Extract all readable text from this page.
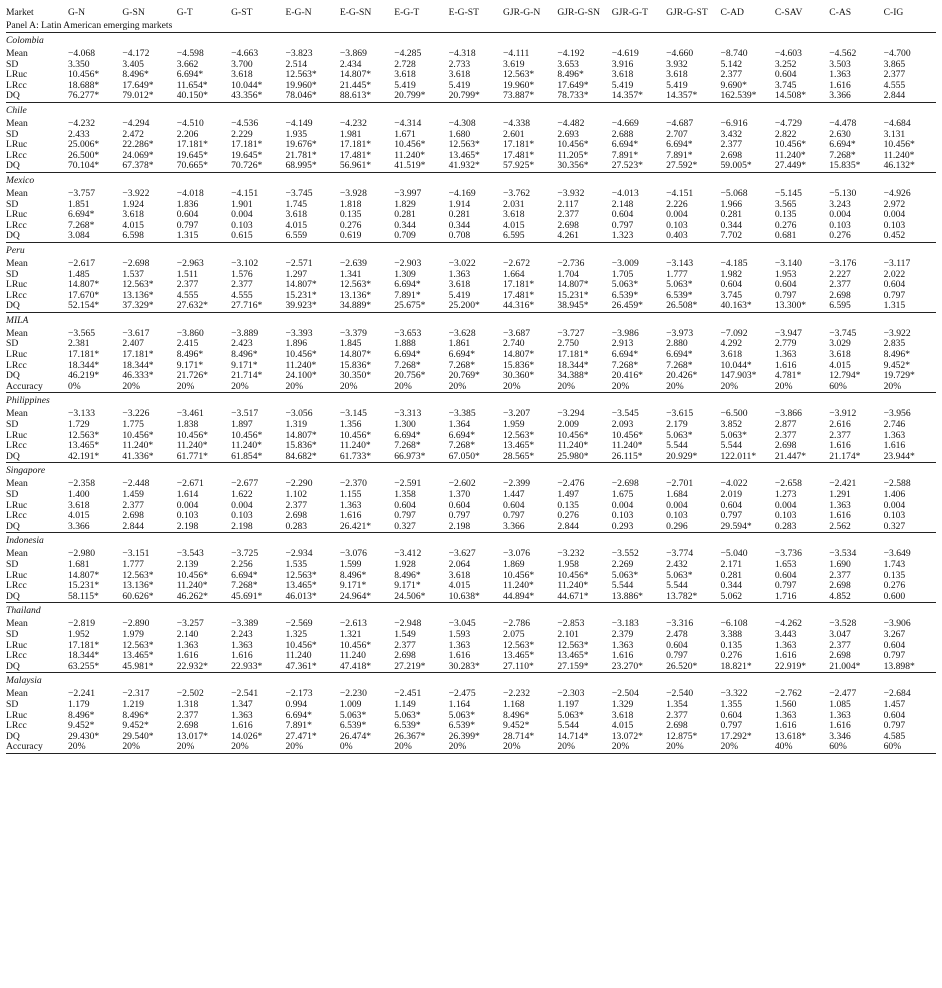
Market	G-N	G-SN	G-T	G-ST	E-G-N	E-G-SN	E-G-T	E-G-ST	GJR-G-N	GJR-G-SN	GJR-G-T	GJR-G-ST	C-AD	C-SAV	C-AS	C-IG
Panel A: Latin American emerging markets																
Colombia																
Mean	−4.068	−4.172	−4.598	−4.663	−3.823	−3.869	−4.285	−4.318	−4.111	−4.192	−4.619	−4.660	−8.740	−4.603	−4.562	−4.700
SD	3.350	3.405	3.662	3.700	2.514	2.434	2.728	2.733	3.619	3.653	3.916	3.932	5.142	3.252	3.503	3.865
LRuc	10.456*	8.496*	6.694*	3.618	12.563*	14.807*	3.618	3.618	12.563*	8.496*	3.618	3.618	2.377	0.604	1.363	2.377
LRcc	18.688*	17.649*	11.654*	10.044*	19.960*	21.445*	5.419	5.419	19.960*	17.649*	5.419	5.419	9.690*	3.745	1.616	4.555
DQ	76.277*	79.012*	40.150*	43.356*	78.046*	88.613*	20.799*	20.799*	73.887*	78.733*	14.357*	14.357*	162.539*	14.508*	3.366	2.844
Chile																
Mean	−4.232	−4.294	−4.510	−4.536	−4.149	−4.232	−4.314	−4.308	−4.338	−4.482	−4.669	−4.687	−6.916	−4.729	−4.478	−4.684
SD	2.433	2.472	2.206	2.229	1.935	1.981	1.671	1.680	2.601	2.693	2.688	2.707	3.432	2.822	2.630	3.131
LRuc	25.006*	22.286*	17.181*	17.181*	19.676*	17.181*	10.456*	12.563*	17.181*	10.456*	6.694*	6.694*	2.377	10.456*	6.694*	10.456*
LRcc	26.500*	24.069*	19.645*	19.645*	21.781*	17.481*	11.240*	13.465*	17.481*	11.205*	7.891*	7.891*	2.698	11.240*	7.268*	11.240*
DQ	70.104*	67.378*	70.665*	70.726*	68.995*	56.961*	41.519*	41.932*	57.925*	30.356*	27.523*	27.592*	59.005*	27.449*	15.835*	46.132*
Mexico																
Mean	−3.757	−3.922	−4.018	−4.151	−3.745	−3.928	−3.997	−4.169	−3.762	−3.932	−4.013	−4.151	−5.068	−5.145	−5.130	−4.926
SD	1.851	1.924	1.836	1.901	1.745	1.818	1.829	1.914	2.031	2.117	2.148	2.226	1.966	3.565	3.243	2.972
LRuc	6.694*	3.618	0.604	0.004	3.618	0.135	0.281	0.281	3.618	2.377	0.604	0.004	0.281	0.135	0.004	0.004
LRcc	7.268*	4.015	0.797	0.103	4.015	0.276	0.344	0.344	4.015	2.698	0.797	0.103	0.344	0.276	0.103	0.103
DQ	3.084	6.598	1.315	0.615	6.559	0.619	0.709	0.708	6.595	4.261	1.323	0.403	7.702	0.681	0.276	0.452
Peru																
Mean	−2.617	−2.698	−2.963	−3.102	−2.571	−2.639	−2.903	−3.022	−2.672	−2.736	−3.009	−3.143	−4.185	−3.140	−3.176	−3.117
SD	1.485	1.537	1.511	1.576	1.297	1.341	1.309	1.363	1.664	1.704	1.705	1.777	1.982	1.953	2.227	2.022
LRuc	14.807*	12.563*	2.377	2.377	14.807*	12.563*	6.694*	3.618	17.181*	14.807*	5.063*	5.063*	0.604	0.604	2.377	0.604
LRcc	17.670*	13.136*	4.555	4.555	15.231*	13.136*	7.891*	5.419	17.481*	15.231*	6.539*	6.539*	3.745	0.797	2.698	0.797
DQ	52.154*	37.329*	27.632*	27.716*	39.923*	34.889*	25.675*	25.200*	44.316*	38.945*	26.459*	26.508*	40.163*	13.300*	6.595	1.315
MILA																
Mean	−3.565	−3.617	−3.860	−3.889	−3.393	−3.379	−3.653	−3.628	−3.687	−3.727	−3.986	−3.973	−7.092	−3.947	−3.745	−3.922
SD	2.381	2.407	2.415	2.423	1.896	1.845	1.888	1.861	2.740	2.750	2.913	2.880	4.292	2.779	3.029	2.835
LRuc	17.181*	17.181*	8.496*	8.496*	10.456*	14.807*	6.694*	6.694*	14.807*	17.181*	6.694*	6.694*	3.618	1.363	3.618	8.496*
LRcc	18.344*	18.344*	9.171*	9.171*	11.240*	15.836*	7.268*	7.268*	15.836*	18.344*	7.268*	7.268*	10.044*	1.616	4.015	9.452*
DQ	46.219*	46.333*	21.726*	21.714*	24.100*	30.350*	20.756*	20.769*	30.360*	34.388*	20.416*	20.426*	147.903*	4.781*	12.794*	19.729*
Accuracy	0%	20%	20%	20%	20%	20%	20%	20%	20%	20%	20%	20%	20%	20%	60%	20%
Philippines																
Mean	−3.133	−3.226	−3.461	−3.517	−3.056	−3.145	−3.313	−3.385	−3.207	−3.294	−3.545	−3.615	−6.500	−3.866	−3.912	−3.956
SD	1.729	1.775	1.838	1.897	1.319	1.356	1.300	1.364	1.959	2.009	2.093	2.179	3.852	2.877	2.616	2.746
LRuc	12.563*	10.456*	10.456*	10.456*	14.807*	10.456*	6.694*	6.694*	12.563*	10.456*	10.456*	5.063*	5.063*	2.377	2.377	1.363
LRcc	13.465*	11.240*	11.240*	11.240*	15.836*	11.240*	7.268*	7.268*	13.465*	11.240*	11.240*	5.544	5.544	2.698	1.616	1.616
DQ	42.191*	41.336*	61.771*	61.854*	84.682*	61.733*	66.973*	67.050*	28.565*	25.980*	26.115*	20.929*	122.011*	21.447*	21.174*	23.944*
Singapore																
Mean	−2.358	−2.448	−2.671	−2.677	−2.290	−2.370	−2.591	−2.602	−2.399	−2.476	−2.698	−2.701	−4.022	−2.658	−2.421	−2.588
SD	1.400	1.459	1.614	1.622	1.102	1.155	1.358	1.370	1.447	1.497	1.675	1.684	2.019	1.273	1.291	1.406
LRuc	3.618	2.377	0.004	0.004	2.377	1.363	0.604	0.604	0.604	0.135	0.004	0.004	0.604	0.004	1.363	0.004
LRcc	4.015	2.698	0.103	0.103	2.698	1.616	0.797	0.797	0.797	0.276	0.103	0.103	0.797	0.103	1.616	0.103
DQ	3.366	2.844	2.198	2.198	0.283	26.421*	0.327	2.198	3.366	2.844	0.293	0.296	29.594*	0.283	2.562	0.327
Indonesia																
Mean	−2.980	−3.151	−3.543	−3.725	−2.934	−3.076	−3.412	−3.627	−3.076	−3.232	−3.552	−3.774	−5.040	−3.736	−3.534	−3.649
SD	1.681	1.777	2.139	2.256	1.535	1.599	1.928	2.064	1.869	1.958	2.269	2.432	2.171	1.653	1.690	1.743
LRuc	14.807*	12.563*	10.456*	6.694*	12.563*	8.496*	8.496*	3.618	10.456*	10.456*	5.063*	5.063*	0.281	0.604	2.377	0.135
LRcc	15.231*	13.136*	11.240*	7.268*	13.465*	9.171*	9.171*	4.015	11.240*	11.240*	5.544	5.544	0.344	0.797	2.698	0.276
DQ	58.115*	60.626*	46.262*	45.691*	46.013*	24.964*	24.506*	10.638*	44.894*	44.671*	13.886*	13.782*	5.062	1.716	4.852	0.600
Thailand																
Mean	−2.819	−2.890	−3.257	−3.389	−2.569	−2.613	−2.948	−3.045	−2.786	−2.853	−3.183	−3.316	−6.108	−4.262	−3.528	−3.906
SD	1.952	1.979	2.140	2.243	1.325	1.321	1.549	1.593	2.075	2.101	2.379	2.478	3.388	3.443	3.047	3.267
LRuc	17.181*	12.563*	1.363	1.363	10.456*	10.456*	2.377	1.363	12.563*	12.563*	1.363	0.604	0.135	1.363	2.377	0.604
LRcc	18.344*	13.465*	1.616	1.616	11.240	11.240	2.698	1.616	13.465*	13.465*	1.616	0.797	0.276	1.616	2.698	0.797
DQ	63.255*	45.981*	22.932*	22.933*	47.361*	47.418*	27.219*	30.283*	27.110*	27.159*	23.270*	26.520*	18.821*	22.919*	21.004*	13.898*
Malaysia																
Mean	−2.241	−2.317	−2.502	−2.541	−2.173	−2.230	−2.451	−2.475	−2.232	−2.303	−2.504	−2.540	−3.322	−2.762	−2.477	−2.684
SD	1.179	1.219	1.318	1.347	0.994	1.009	1.149	1.164	1.168	1.197	1.329	1.354	1.355	1.560	1.085	1.457
LRuc	8.496*	8.496*	2.377	1.363	6.694*	5.063*	5.063*	5.063*	8.496*	5.063*	3.618	2.377	0.604	1.363	1.363	0.604
LRcc	9.452*	9.452*	2.698	1.616	7.891*	6.539*	6.539*	6.539*	9.452*	5.544	4.015	2.698	0.797	1.616	1.616	0.797
DQ	29.430*	29.540*	13.017*	14.026*	27.471*	26.474*	26.367*	26.399*	28.714*	14.714*	13.072*	12.875*	17.292*	13.618*	3.346	4.585
Accuracy	20%	20%	20%	20%	20%	0%	20%	20%	20%	20%	20%	20%	20%	40%	60%	60%
